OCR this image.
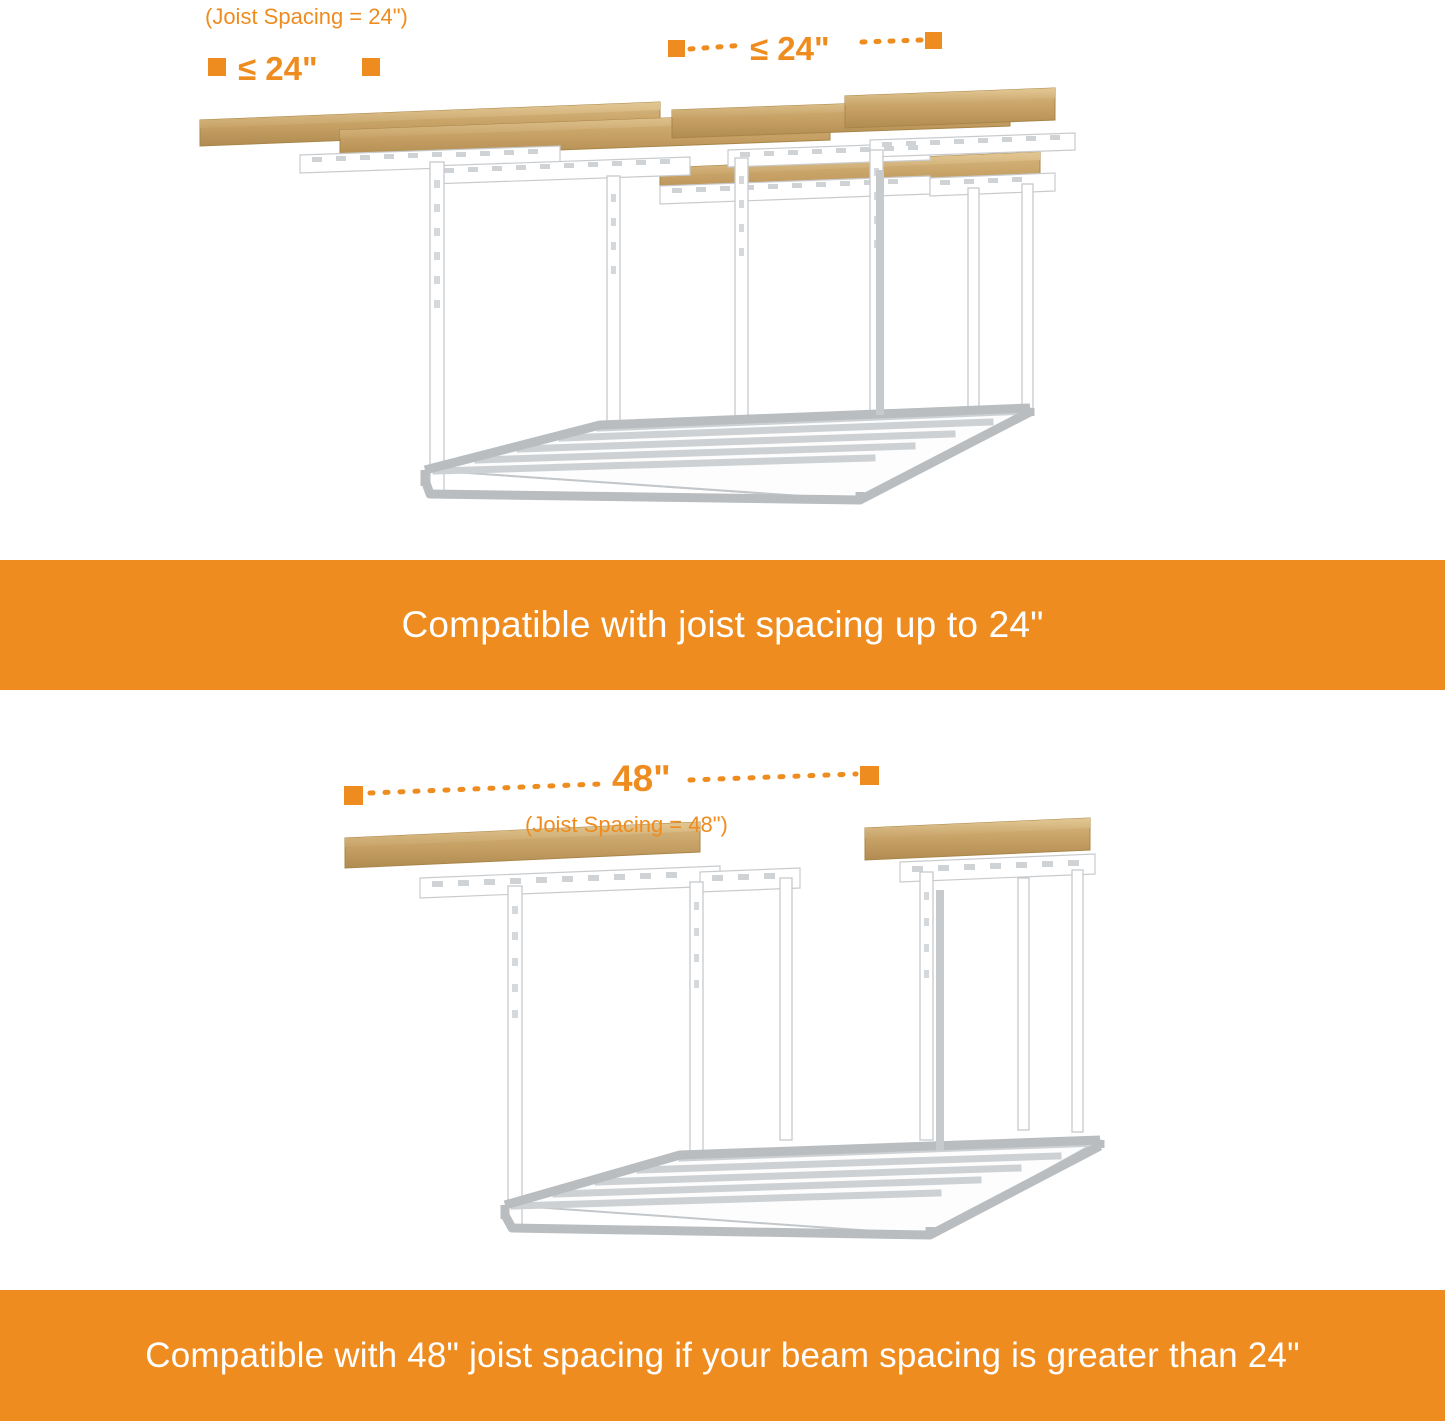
(Joist Spacing = 24")
≤ 24"
≤ 24"
Compatible with joist spacing up to 24"
48"
(Joist Spacing = 48")
Compatible with 48" joist spacing if your beam spacing is greater than 24"
